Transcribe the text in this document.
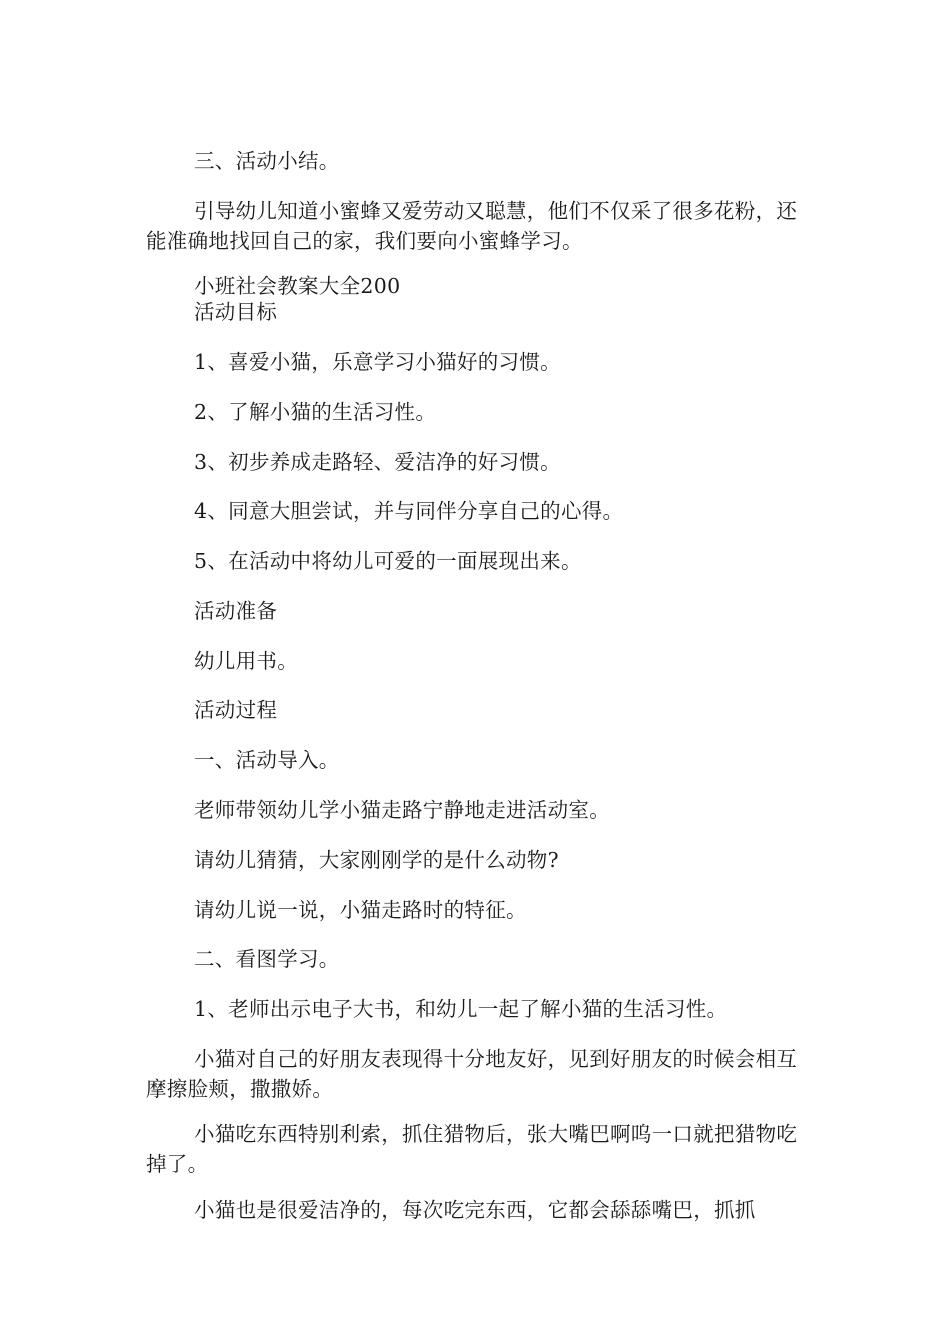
三、活动小结。
引导幼儿知道小蜜蜂又爱劳动又聪慧，他们不仅采了很多花粉，还能准确地找回自己的家，我们要向小蜜蜂学习。
小班社会教案大全200
活动目标
1、喜爱小猫，乐意学习小猫好的习惯。
2、了解小猫的生活习性。
3、初步养成走路轻、爱洁净的好习惯。
4、同意大胆尝试，并与同伴分享自己的心得。
5、在活动中将幼儿可爱的一面展现出来。
活动准备
幼儿用书。
活动过程
一、活动导入。
老师带领幼儿学小猫走路宁静地走进活动室。
请幼儿猜猜，大家刚刚学的是什么动物?
请幼儿说一说，小猫走路时的特征。
二、看图学习。
1、老师出示电子大书，和幼儿一起了解小猫的生活习性。
小猫对自己的好朋友表现得十分地友好，见到好朋友的时候会相互摩擦脸颊，撒撒娇。
小猫吃东西特别利索，抓住猎物后，张大嘴巴啊呜一口就把猎物吃掉了。
小猫也是很爱洁净的，每次吃完东西，它都会舔舔嘴巴，抓抓
